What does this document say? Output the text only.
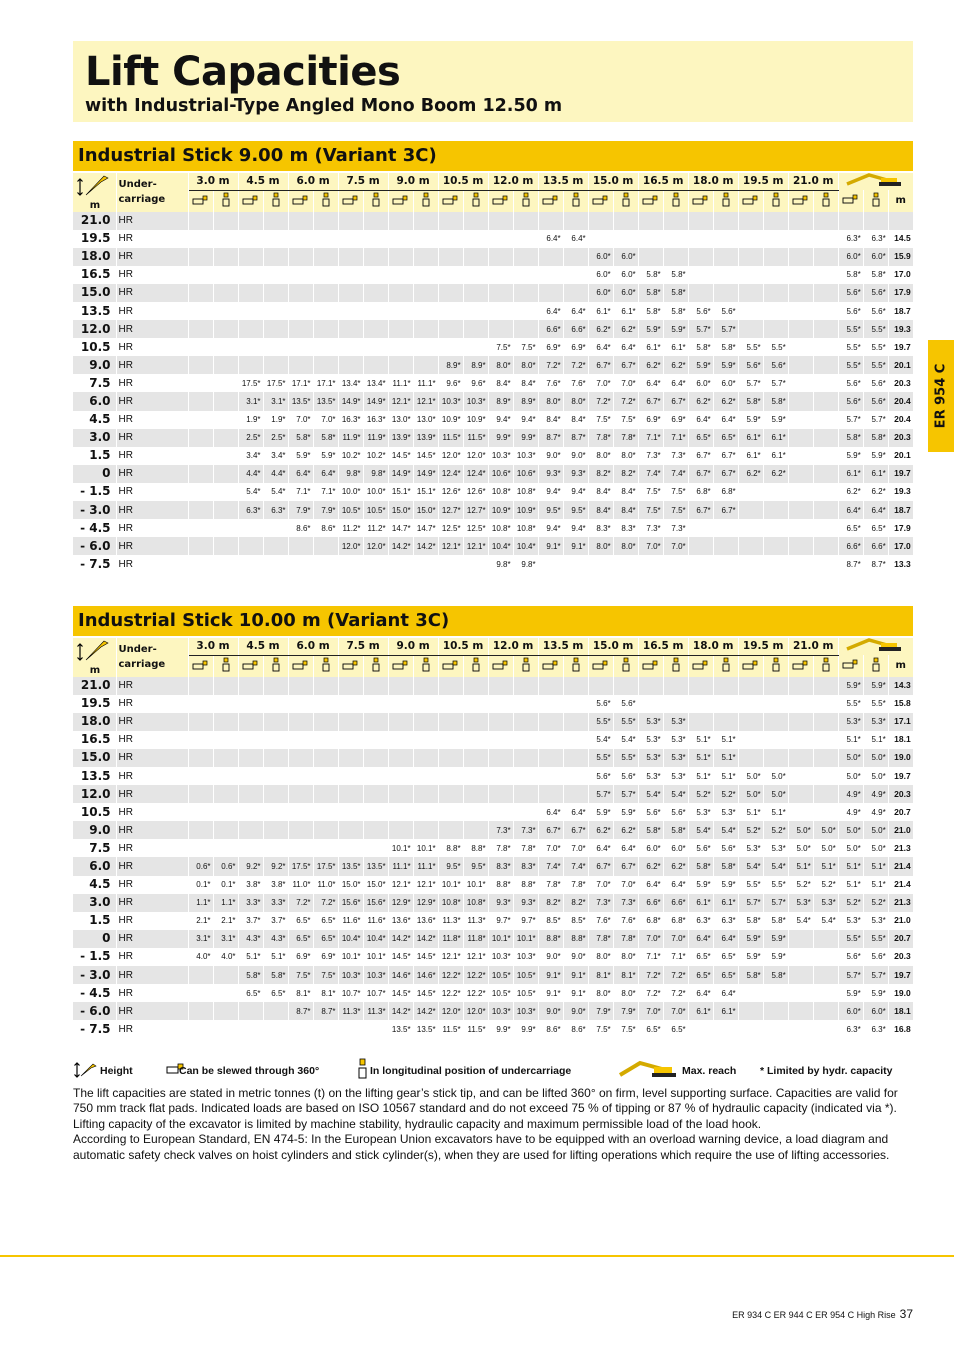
Lift Capacities
with Industrial-Type Angled Mono Boom 12.50 m
ER 954 C
Industrial Stick 9.00 m (Variant 3C)
m	Under-
carriage	3.0 m		4.5 m		6.0 m		7.5 m		9.0 m		10.5 m		12.0 m		13.5 m		15.0 m		16.5 m		18.0 m		19.5 m		21.0 m	
																												m
21.0	HR																													
19.5	HR															6.4*	6.4*											6.3*	6.3*	14.5
18.0	HR																	6.0*	6.0*									6.0*	6.0*	15.9
16.5	HR																	6.0*	6.0*	5.8*	5.8*							5.8*	5.8*	17.0
15.0	HR																	6.0*	6.0*	5.8*	5.8*							5.6*	5.6*	17.9
13.5	HR															6.4*	6.4*	6.1*	6.1*	5.8*	5.8*	5.6*	5.6*					5.6*	5.6*	18.7
12.0	HR															6.6*	6.6*	6.2*	6.2*	5.9*	5.9*	5.7*	5.7*					5.5*	5.5*	19.3
10.5	HR													7.5*	7.5*	6.9*	6.9*	6.4*	6.4*	6.1*	6.1*	5.8*	5.8*	5.5*	5.5*			5.5*	5.5*	19.7
9.0	HR											8.9*	8.9*	8.0*	8.0*	7.2*	7.2*	6.7*	6.7*	6.2*	6.2*	5.9*	5.9*	5.6*	5.6*			5.5*	5.5*	20.1
7.5	HR			17.5*	17.5*	17.1*	17.1*	13.4*	13.4*	11.1*	11.1*	9.6*	9.6*	8.4*	8.4*	7.6*	7.6*	7.0*	7.0*	6.4*	6.4*	6.0*	6.0*	5.7*	5.7*			5.6*	5.6*	20.3
6.0	HR			3.1*	3.1*	13.5*	13.5*	14.9*	14.9*	12.1*	12.1*	10.3*	10.3*	8.9*	8.9*	8.0*	8.0*	7.2*	7.2*	6.7*	6.7*	6.2*	6.2*	5.8*	5.8*			5.6*	5.6*	20.4
4.5	HR			1.9*	1.9*	7.0*	7.0*	16.3*	16.3*	13.0*	13.0*	10.9*	10.9*	9.4*	9.4*	8.4*	8.4*	7.5*	7.5*	6.9*	6.9*	6.4*	6.4*	5.9*	5.9*			5.7*	5.7*	20.4
3.0	HR			2.5*	2.5*	5.8*	5.8*	11.9*	11.9*	13.9*	13.9*	11.5*	11.5*	9.9*	9.9*	8.7*	8.7*	7.8*	7.8*	7.1*	7.1*	6.5*	6.5*	6.1*	6.1*			5.8*	5.8*	20.3
1.5	HR			3.4*	3.4*	5.9*	5.9*	10.2*	10.2*	14.5*	14.5*	12.0*	12.0*	10.3*	10.3*	9.0*	9.0*	8.0*	8.0*	7.3*	7.3*	6.7*	6.7*	6.1*	6.1*			5.9*	5.9*	20.1
0	HR			4.4*	4.4*	6.4*	6.4*	9.8*	9.8*	14.9*	14.9*	12.4*	12.4*	10.6*	10.6*	9.3*	9.3*	8.2*	8.2*	7.4*	7.4*	6.7*	6.7*	6.2*	6.2*			6.1*	6.1*	19.7
- 1.5	HR			5.4*	5.4*	7.1*	7.1*	10.0*	10.0*	15.1*	15.1*	12.6*	12.6*	10.8*	10.8*	9.4*	9.4*	8.4*	8.4*	7.5*	7.5*	6.8*	6.8*					6.2*	6.2*	19.3
- 3.0	HR			6.3*	6.3*	7.9*	7.9*	10.5*	10.5*	15.0*	15.0*	12.7*	12.7*	10.9*	10.9*	9.5*	9.5*	8.4*	8.4*	7.5*	7.5*	6.7*	6.7*					6.4*	6.4*	18.7
- 4.5	HR					8.6*	8.6*	11.2*	11.2*	14.7*	14.7*	12.5*	12.5*	10.8*	10.8*	9.4*	9.4*	8.3*	8.3*	7.3*	7.3*							6.5*	6.5*	17.9
- 6.0	HR							12.0*	12.0*	14.2*	14.2*	12.1*	12.1*	10.4*	10.4*	9.1*	9.1*	8.0*	8.0*	7.0*	7.0*							6.6*	6.6*	17.0
- 7.5	HR													9.8*	9.8*													8.7*	8.7*	13.3
Industrial Stick 10.00 m (Variant 3C)
m	Under-
carriage	3.0 m		4.5 m		6.0 m		7.5 m		9.0 m		10.5 m		12.0 m		13.5 m		15.0 m		16.5 m		18.0 m		19.5 m		21.0 m	
																												m
21.0	HR																											5.9*	5.9*	14.3
19.5	HR																	5.6*	5.6*									5.5*	5.5*	15.8
18.0	HR																	5.5*	5.5*	5.3*	5.3*							5.3*	5.3*	17.1
16.5	HR																	5.4*	5.4*	5.3*	5.3*	5.1*	5.1*					5.1*	5.1*	18.1
15.0	HR																	5.5*	5.5*	5.3*	5.3*	5.1*	5.1*					5.0*	5.0*	19.0
13.5	HR																	5.6*	5.6*	5.3*	5.3*	5.1*	5.1*	5.0*	5.0*			5.0*	5.0*	19.7
12.0	HR																	5.7*	5.7*	5.4*	5.4*	5.2*	5.2*	5.0*	5.0*			4.9*	4.9*	20.3
10.5	HR															6.4*	6.4*	5.9*	5.9*	5.6*	5.6*	5.3*	5.3*	5.1*	5.1*			4.9*	4.9*	20.7
9.0	HR													7.3*	7.3*	6.7*	6.7*	6.2*	6.2*	5.8*	5.8*	5.4*	5.4*	5.2*	5.2*	5.0*	5.0*	5.0*	5.0*	21.0
7.5	HR									10.1*	10.1*	8.8*	8.8*	7.8*	7.8*	7.0*	7.0*	6.4*	6.4*	6.0*	6.0*	5.6*	5.6*	5.3*	5.3*	5.0*	5.0*	5.0*	5.0*	21.3
6.0	HR	0.6*	0.6*	9.2*	9.2*	17.5*	17.5*	13.5*	13.5*	11.1*	11.1*	9.5*	9.5*	8.3*	8.3*	7.4*	7.4*	6.7*	6.7*	6.2*	6.2*	5.8*	5.8*	5.4*	5.4*	5.1*	5.1*	5.1*	5.1*	21.4
4.5	HR	0.1*	0.1*	3.8*	3.8*	11.0*	11.0*	15.0*	15.0*	12.1*	12.1*	10.1*	10.1*	8.8*	8.8*	7.8*	7.8*	7.0*	7.0*	6.4*	6.4*	5.9*	5.9*	5.5*	5.5*	5.2*	5.2*	5.1*	5.1*	21.4
3.0	HR	1.1*	1.1*	3.3*	3.3*	7.2*	7.2*	15.6*	15.6*	12.9*	12.9*	10.8*	10.8*	9.3*	9.3*	8.2*	8.2*	7.3*	7.3*	6.6*	6.6*	6.1*	6.1*	5.7*	5.7*	5.3*	5.3*	5.2*	5.2*	21.3
1.5	HR	2.1*	2.1*	3.7*	3.7*	6.5*	6.5*	11.6*	11.6*	13.6*	13.6*	11.3*	11.3*	9.7*	9.7*	8.5*	8.5*	7.6*	7.6*	6.8*	6.8*	6.3*	6.3*	5.8*	5.8*	5.4*	5.4*	5.3*	5.3*	21.0
0	HR	3.1*	3.1*	4.3*	4.3*	6.5*	6.5*	10.4*	10.4*	14.2*	14.2*	11.8*	11.8*	10.1*	10.1*	8.8*	8.8*	7.8*	7.8*	7.0*	7.0*	6.4*	6.4*	5.9*	5.9*			5.5*	5.5*	20.7
- 1.5	HR	4.0*	4.0*	5.1*	5.1*	6.9*	6.9*	10.1*	10.1*	14.5*	14.5*	12.1*	12.1*	10.3*	10.3*	9.0*	9.0*	8.0*	8.0*	7.1*	7.1*	6.5*	6.5*	5.9*	5.9*			5.6*	5.6*	20.3
- 3.0	HR			5.8*	5.8*	7.5*	7.5*	10.3*	10.3*	14.6*	14.6*	12.2*	12.2*	10.5*	10.5*	9.1*	9.1*	8.1*	8.1*	7.2*	7.2*	6.5*	6.5*	5.8*	5.8*			5.7*	5.7*	19.7
- 4.5	HR			6.5*	6.5*	8.1*	8.1*	10.7*	10.7*	14.5*	14.5*	12.2*	12.2*	10.5*	10.5*	9.1*	9.1*	8.0*	8.0*	7.2*	7.2*	6.4*	6.4*					5.9*	5.9*	19.0
- 6.0	HR					8.7*	8.7*	11.3*	11.3*	14.2*	14.2*	12.0*	12.0*	10.3*	10.3*	9.0*	9.0*	7.9*	7.9*	7.0*	7.0*	6.1*	6.1*					6.0*	6.0*	18.1
- 7.5	HR									13.5*	13.5*	11.5*	11.5*	9.9*	9.9*	8.6*	8.6*	7.5*	7.5*	6.5*	6.5*							6.3*	6.3*	16.8
Height	Can be slewed through 360°	In longitudinal position of undercarriage	Max. reach * Limited by hydr. capacity

The lift capacities are stated in metric tonnes (t) on the lifting gear’s stick tip, and can be lifted 360° on firm, level supporting surface. Capacities are valid for 750 mm track flat pads. Indicated loads are based on ISO 10567 standard and do not exceed 75 % of tipping or 87 % of hydraulic capacity (indicated via *). Lifting capacity of the excavator is limited by machine stability, hydraulic capacity and maximum permissible load of the load hook.

According to European Standard, EN 474-5: In the European Union excavators have to be equipped with an overload warning device, a load diagram and automatic safety check valves on hoist cylinders and stick cylinder(s), when they are used for lifting operations which require the use of lifting accessories.

ER 934 C ER 944 C ER 954 C High Rise 37
